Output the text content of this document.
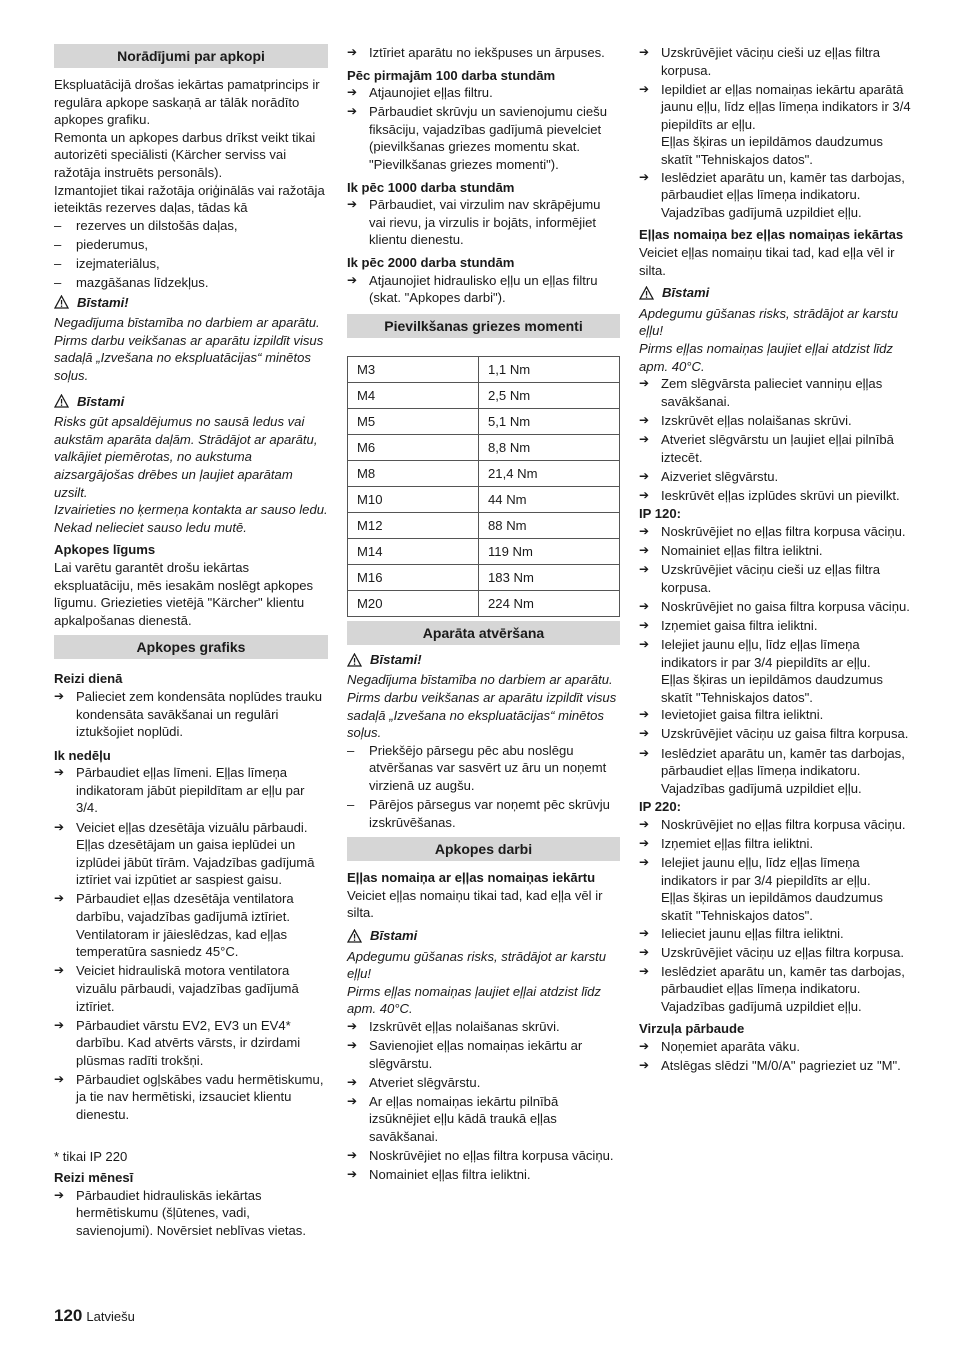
Norādījumi par apkopi
Ekspluatācijā drošas iekārtas pamatprincips ir regulāra apkope saskaņā ar tālāk norādīto apkopes grafiku.
Remonta un apkopes darbus drīkst veikt tikai autorizēti speciālisti (Kärcher serviss vai ražotāja instruēts personāls).
Izmantojiet tikai ražotāja oriģinālās vai ražotāja ieteiktās rezerves daļas, tādas kā
–	rezerves un dilstošās daļas,
–	piederumus,
–	izejmateriālus,
–	mazgāšanas līdzekļus.
Bīstami!
Negadījuma bīstamība no darbiem ar aparātu. Pirms darbu veikšanas ar aparātu izpildīt visus sadaļā „Izvešana no ekspluatācijas“ minētos soļus.
Bīstami
Risks gūt apsaldējumus no sausā ledus vai aukstām aparāta daļām. Strādājot ar aparātu, valkājiet piemērotas, no aukstuma aizsargājošas drēbes un ļaujiet aparātam uzsilt.
Izvairieties no ķermeņa kontakta ar sauso ledu.
Nekad nelieciet sauso ledu mutē.
Apkopes līgums
Lai varētu garantēt drošu iekārtas ekspluatāciju, mēs iesakām noslēgt apkopes līgumu. Griezieties vietējā "Kärcher" klientu apkalpošanas dienestā.
Apkopes grafiks
Reizi dienā
➔ Palieciet zem kondensāta noplūdes trauku kondensāta savākšanai un regulāri iztukšojiet noplūdi.
Ik nedēļu
➔ Pārbaudiet eļļas līmeni. Eļļas līmeņa indikatoram jābūt piepildītam ar eļļu par 3/4.
➔ Veiciet eļļas dzesētāja vizuālu pārbaudi. Eļļas dzesētājam un gaisa ieplūdei un izplūdei jābūt tīrām. Vajadzības gadījumā iztīriet vai izpūtiet ar saspiest gaisu.
➔ Pārbaudiet eļļas dzesētāja ventilatora darbību, vajadzības gadījumā iztīriet. Ventilatoram ir jāieslēdzas, kad eļļas temperatūra sasniedz 45°C.
➔ Veiciet hidrauliskā motora ventilatora vizuālu pārbaudi, vajadzības gadījumā iztīriet.
➔ Pārbaudiet vārstu EV2, EV3 un EV4* darbību. Kad atvērts vārsts, ir dzirdami plūsmas radīti trokšņi.
➔ Pārbaudiet ogļskābes vadu hermētiskumu, ja tie nav hermētiski, izsauciet klientu dienestu.
* tikai IP 220
Reizi mēnesī
➔ Pārbaudiet hidrauliskās iekārtas hermētiskumu (šļūtenes, vadi, savienojumi). Novērsiet neblīvas vietas.
➔ Iztīriet aparātu no iekšpuses un ārpuses.
Pēc pirmajām 100 darba stundām
➔ Atjaunojiet eļļas filtru.
➔ Pārbaudiet skrūvju un savienojumu ciešu fiksāciju, vajadzības gadījumā pievelciet (pievilkšanas griezes momentu skat. "Pievilkšanas griezes momenti").
Ik pēc 1000 darba stundām
➔ Pārbaudiet, vai virzulim nav skrāpējumu vai rievu, ja virzulis ir bojāts, informējiet klientu dienestu.
Ik pēc 2000 darba stundām
➔ Atjaunojiet hidraulisko eļļu un eļļas filtru (skat. "Apkopes darbi").
Pievilkšanas griezes momenti
M3	1,1 Nm
M4	2,5 Nm
M5	5,1 Nm
M6	8,8 Nm
M8	21,4 Nm
M10	44 Nm
M12	88 Nm
M14	119 Nm
M16	183 Nm
M20	224 Nm
Aparāta atvēršana
Bīstami!
Negadījuma bīstamība no darbiem ar aparātu. Pirms darbu veikšanas ar aparātu izpildīt visus sadaļā „Izvešana no ekspluatācijas“ minētos soļus.
–	Priekšējo pārsegu pēc abu noslēgu atvēršanas var sasvērt uz āru un noņemt virzienā uz augšu.
–	Pārējos pārsegus var noņemt pēc skrūvju izskrūvēšanas.
Apkopes darbi
Eļļas nomaiņa ar eļļas nomaiņas iekārtu
Veiciet eļļas nomaiņu tikai tad, kad eļļa vēl ir silta.
Bīstami
Apdegumu gūšanas risks, strādājot ar karstu eļļu!
Pirms eļļas nomaiņas ļaujiet eļļai atdzist līdz apm. 40°C.
➔ Izskrūvēt eļļas nolaišanas skrūvi.
➔ Savienojiet eļļas nomaiņas iekārtu ar slēgvārstu.
➔ Atveriet slēgvārstu.
➔ Ar eļļas nomaiņas iekārtu pilnībā izsūknējiet eļļu kādā traukā eļļas savākšanai.
➔ Noskrūvējiet no eļļas filtra korpusa vāciņu.
➔ Nomainiet eļļas filtra ieliktni.
➔ Uzskrūvējiet vāciņu cieši uz eļļas filtra korpusa.
➔ Iepildiet ar eļļas nomaiņas iekārtu aparātā jaunu eļļu, līdz eļļas līmeņa indikators ir 3/4 piepildīts ar eļļu.
Eļļas šķiras un iepildāmos daudzumus skatīt "Tehniskajos datos".
➔ Ieslēdziet aparātu un, kamēr tas darbojas, pārbaudiet eļļas līmeņa indikatoru. Vajadzības gadījumā uzpildiet eļļu.
Eļļas nomaiņa bez eļļas nomaiņas iekārtas
Veiciet eļļas nomaiņu tikai tad, kad eļļa vēl ir silta.
Bīstami
Apdegumu gūšanas risks, strādājot ar karstu eļļu!
Pirms eļļas nomaiņas ļaujiet eļļai atdzist līdz apm. 40°C.
➔ Zem slēgvārsta palieciet vanniņu eļļas savākšanai.
➔ Izskrūvēt eļļas nolaišanas skrūvi.
➔ Atveriet slēgvārstu un ļaujiet eļļai pilnībā iztecēt.
➔ Aizveriet slēgvārstu.
➔ Ieskrūvēt eļļas izplūdes skrūvi un pievilkt.
IP 120:
➔ Noskrūvējiet no eļļas filtra korpusa vāciņu.
➔ Nomainiet eļļas filtra ieliktni.
➔ Uzskrūvējiet vāciņu cieši uz eļļas filtra korpusa.
➔ Noskrūvējiet no gaisa filtra korpusa vāciņu.
➔ Izņemiet gaisa filtra ieliktni.
➔ Ielejiet jaunu eļļu, līdz eļļas līmeņa indikators ir par 3/4 piepildīts ar eļļu.
Eļļas šķiras un iepildāmos daudzumus skatīt "Tehniskajos datos".
➔ Ievietojiet gaisa filtra ieliktni.
➔ Uzskrūvējiet vāciņu uz gaisa filtra korpusa.
➔ Ieslēdziet aparātu un, kamēr tas darbojas, pārbaudiet eļļas līmeņa indikatoru. Vajadzības gadījumā uzpildiet eļļu.
IP 220:
➔ Noskrūvējiet no eļļas filtra korpusa vāciņu.
➔ Izņemiet eļļas filtra ieliktni.
➔ Ielejiet jaunu eļļu, līdz eļļas līmeņa indikators ir par 3/4 piepildīts ar eļļu.
Eļļas šķiras un iepildāmos daudzumus skatīt "Tehniskajos datos".
➔ Ielieciet jaunu eļļas filtra ieliktni.
➔ Uzskrūvējiet vāciņu uz eļļas filtra korpusa.
➔ Ieslēdziet aparātu un, kamēr tas darbojas, pārbaudiet eļļas līmeņa indikatoru. Vajadzības gadījumā uzpildiet eļļu.
Virzuļa pārbaude
➔ Noņemiet aparāta vāku.
➔ Atslēgas slēdzi "M/0/A" pagrieziet uz "M".
120 Latviešu
